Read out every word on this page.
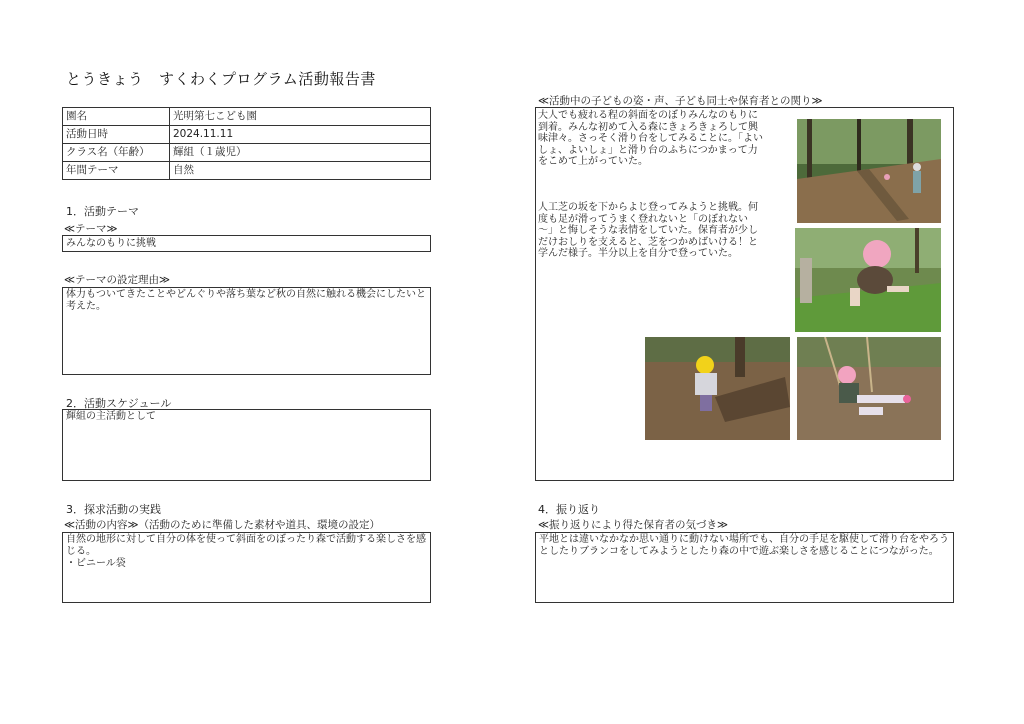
とうきょう　すくわくプログラム活動報告書
園名	光明第七こども園
活動日時	2024.11.11
クラス名（年齢）	輝組（１歳児）
年間テーマ	自然
1．活動テーマ
≪テーマ≫
みんなのもりに挑戦
≪テーマの設定理由≫
体力もついてきたことやどんぐりや落ち葉など秋の自然に触れる機会にしたいと考えた。
2．活動スケジュール
輝組の主活動として
3．探求活動の実践
≪活動の内容≫（活動のために準備した素材や道具、環境の設定）
自然の地形に対して自分の体を使って斜面をのぼったり森で活動する楽しさを感じる。
・ビニール袋
≪活動中の子どもの姿・声、子ども同士や保育者との関り≫
大人でも疲れる程の斜面をのぼりみんなのもりに到着。みんな初めて入る森にきょろきょろして興味津々。さっそく滑り台をしてみることに。「よいしょ、よいしょ」と滑り台のふちにつかまって力をこめて上がっていた。
人工芝の坂を下からよじ登ってみようと挑戦。何度も足が滑ってうまく登れないと「のぼれない～」と悔しそうな表情をしていた。保育者が少しだけおしりを支えると、芝をつかめばいける！と学んだ様子。半分以上を自分で登っていた。
4．振り返り
≪振り返りにより得た保育者の気づき≫
平地とは違いなかなか思い通りに動けない場所でも、自分の手足を駆使して滑り台をやろうとしたりブランコをしてみようとしたり森の中で遊ぶ楽しさを感じることにつながった。
